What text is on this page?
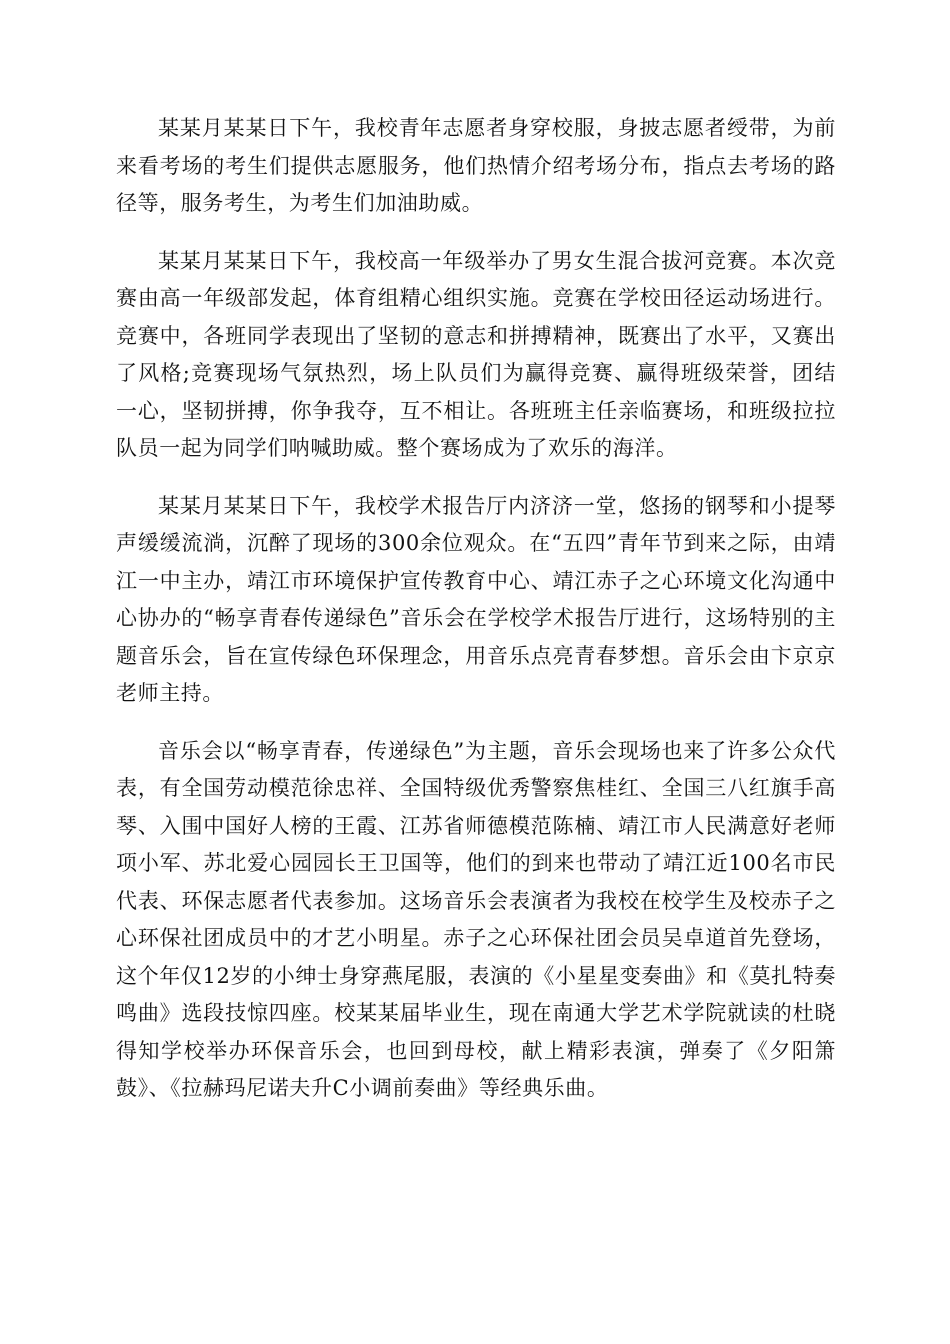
某某月某某日下午，我校青年志愿者身穿校服，身披志愿者绶带，为前来看考场的考生们提供志愿服务，他们热情介绍考场分布，指点去考场的路径等，服务考生，为考生们加油助威。

某某月某某日下午，我校高一年级举办了男女生混合拔河竞赛。本次竞赛由高一年级部发起，体育组精心组织实施。竞赛在学校田径运动场进行。竞赛中，各班同学表现出了坚韧的意志和拼搏精神，既赛出了水平，又赛出了风格;竞赛现场气氛热烈，场上队员们为赢得竞赛、赢得班级荣誉，团结一心，坚韧拼搏，你争我夺，互不相让。各班班主任亲临赛场，和班级拉拉队员一起为同学们呐喊助威。整个赛场成为了欢乐的海洋。

某某月某某日下午，我校学术报告厅内济济一堂，悠扬的钢琴和小提琴声缓缓流淌，沉醉了现场的300余位观众。在“五四”青年节到来之际，由靖江一中主办，靖江市环境保护宣传教育中心、靖江赤子之心环境文化沟通中心协办的“畅享青春传递绿色”音乐会在学校学术报告厅进行，这场特别的主题音乐会，旨在宣传绿色环保理念，用音乐点亮青春梦想。音乐会由卞京京老师主持。

音乐会以“畅享青春，传递绿色”为主题，音乐会现场也来了许多公众代表，有全国劳动模范徐忠祥、全国特级优秀警察焦桂红、全国三八红旗手高琴、入围中国好人榜的王霞、江苏省师德模范陈楠、靖江市人民满意好老师项小军、苏北爱心园园长王卫国等，他们的到来也带动了靖江近100名市民代表、环保志愿者代表参加。这场音乐会表演者为我校在校学生及校赤子之心环保社团成员中的才艺小明星。赤子之心环保社团会员吴卓道首先登场，这个年仅12岁的小绅士身穿燕尾服，表演的《小星星变奏曲》和《莫扎特奏鸣曲》选段技惊四座。校某某届毕业生，现在南通大学艺术学院就读的杜晓得知学校举办环保音乐会，也回到母校，献上精彩表演，弹奏了《夕阳箫鼓》、《拉赫玛尼诺夫升C小调前奏曲》等经典乐曲。
